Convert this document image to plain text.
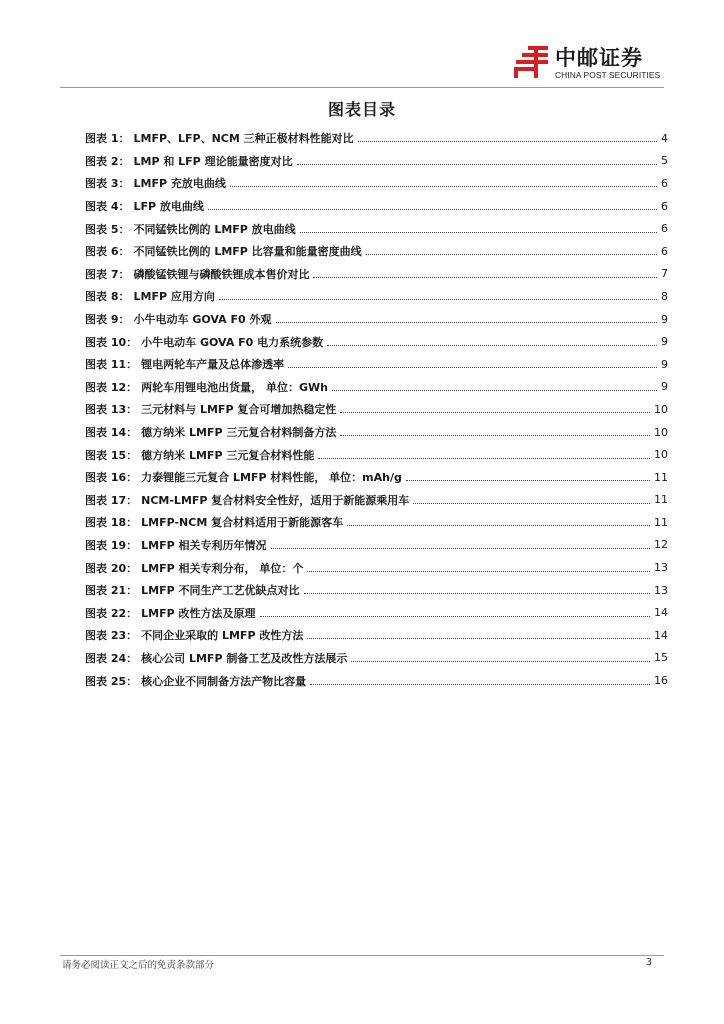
中邮证券
CHINA POST SECURITIES
图表目录
图表 1： LMFP、LFP、NCM 三种正极材料性能对比	4
图表 2： LMP 和 LFP 理论能量密度对比	5
图表 3： LMFP 充放电曲线	6
图表 4： LFP 放电曲线	6
图表 5： 不同锰铁比例的 LMFP 放电曲线	6
图表 6： 不同锰铁比例的 LMFP 比容量和能量密度曲线	6
图表 7： 磷酸锰铁锂与磷酸铁锂成本售价对比	7
图表 8： LMFP 应用方向	8
图表 9： 小牛电动车 GOVA F0 外观	9
图表 10： 小牛电动车 GOVA F0 电力系统参数	9
图表 11： 锂电两轮车产量及总体渗透率	9
图表 12： 两轮车用锂电池出货量， 单位：GWh	9
图表 13： 三元材料与 LMFP 复合可增加热稳定性	10
图表 14： 德方纳米 LMFP 三元复合材料制备方法	10
图表 15： 德方纳米 LMFP 三元复合材料性能	10
图表 16： 力泰锂能三元复合 LMFP 材料性能， 单位：mAh/g	11
图表 17： NCM-LMFP 复合材料安全性好，适用于新能源乘用车	11
图表 18： LMFP-NCM 复合材料适用于新能源客车	11
图表 19： LMFP 相关专利历年情况	12
图表 20： LMFP 相关专利分布， 单位：个	13
图表 21： LMFP 不同生产工艺优缺点对比	13
图表 22： LMFP 改性方法及原理	14
图表 23： 不同企业采取的 LMFP 改性方法	14
图表 24： 核心公司 LMFP 制备工艺及改性方法展示	15
图表 25： 核心企业不同制备方法产物比容量	16
请务必阅读正文之后的免责条款部分	3
